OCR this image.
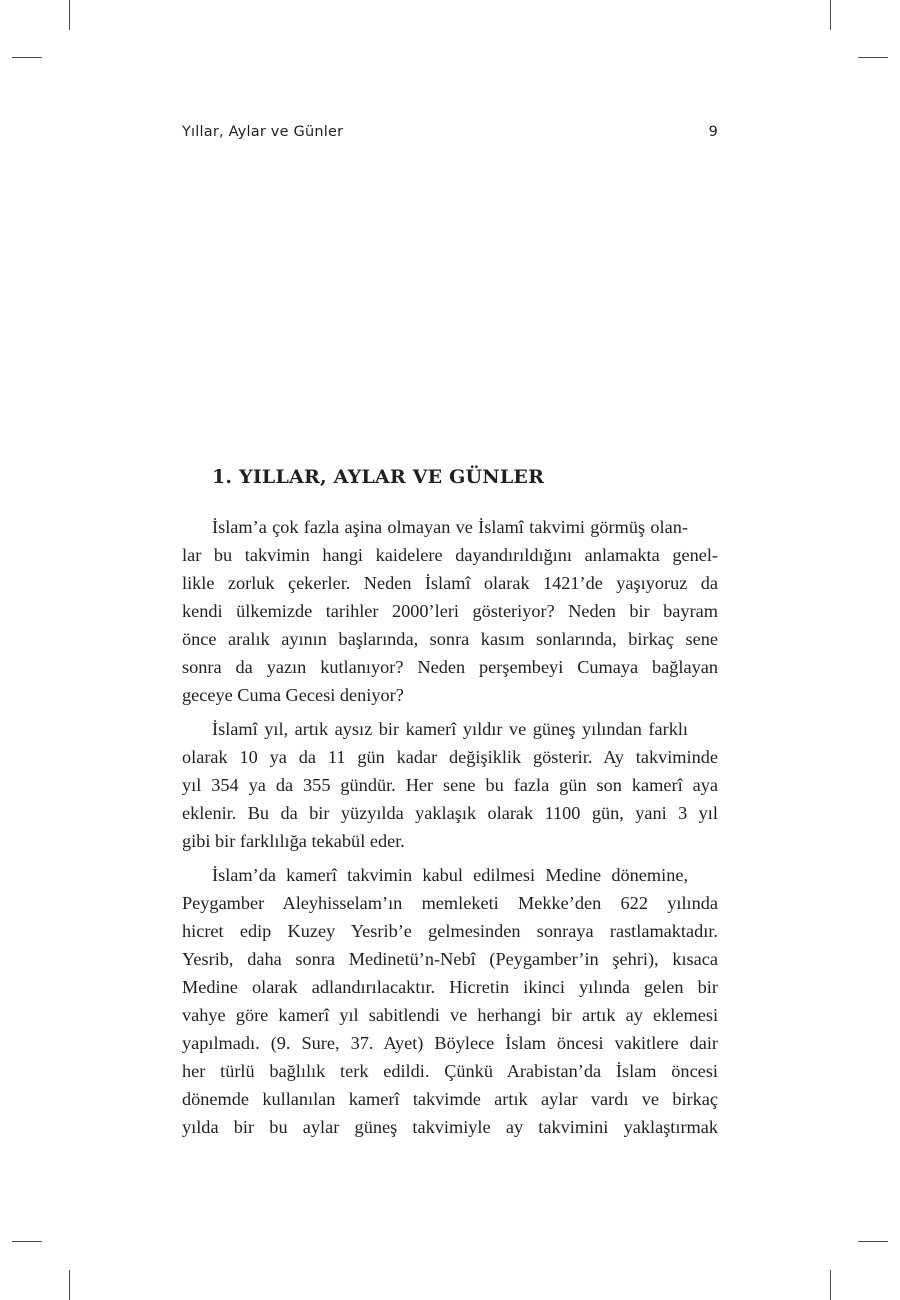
Yıllar, Aylar ve Günler	9
1. YILLAR, AYLAR VE GÜNLER

İslam’a çok fazla aşina olmayan ve İslamî takvimi görmüş olan-
lar bu takvimin hangi kaidelere dayandırıldığını anlamakta genel-
likle zorluk çekerler. Neden İslamî olarak 1421’de yaşıyoruz da
kendi ülkemizde tarihler 2000’leri gösteriyor? Neden bir bayram
önce aralık ayının başlarında, sonra kasım sonlarında, birkaç sene
sonra da yazın kutlanıyor? Neden perşembeyi Cumaya bağlayan
geceye Cuma Gecesi deniyor?

İslamî yıl, artık aysız bir kamerî yıldır ve güneş yılından farklı
olarak 10 ya da 11 gün kadar değişiklik gösterir. Ay takviminde
yıl 354 ya da 355 gündür. Her sene bu fazla gün son kamerî aya
eklenir. Bu da bir yüzyılda yaklaşık olarak 1100 gün, yani 3 yıl
gibi bir farklılığa tekabül eder.

İslam’da kamerî takvimin kabul edilmesi Medine dönemine,
Peygamber Aleyhisselam’ın memleketi Mekke’den 622 yılında
hicret edip Kuzey Yesrib’e gelmesinden sonraya rastlamaktadır.
Yesrib, daha sonra Medinetü’n-Nebî (Peygamber’in şehri), kısaca
Medine olarak adlandırılacaktır. Hicretin ikinci yılında gelen bir
vahye göre kamerî yıl sabitlendi ve herhangi bir artık ay eklemesi
yapılmadı. (9. Sure, 37. Ayet) Böylece İslam öncesi vakitlere dair
her türlü bağlılık terk edildi. Çünkü Arabistan’da İslam öncesi
dönemde kullanılan kamerî takvimde artık aylar vardı ve birkaç
yılda bir bu aylar güneş takvimiyle ay takvimini yaklaştırmak
